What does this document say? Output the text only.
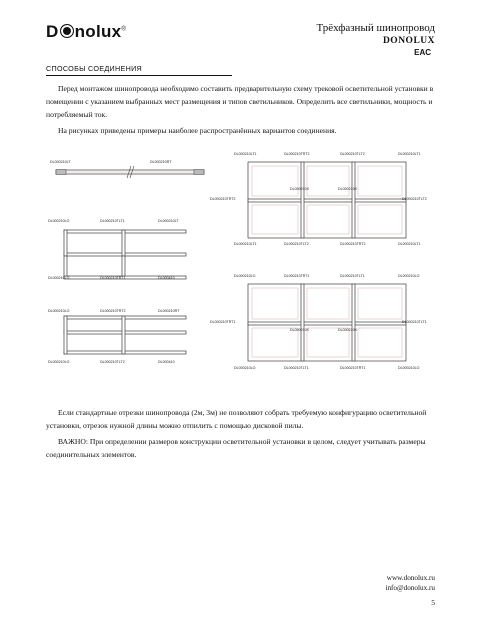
D nolux®	Трёхфазный шинопровод
DONOLUX
EAC
СПОСОБЫ СОЕДИНЕНИЯ
Перед монтажом шинопровода необходимо составить предварительную схему трековой осветительной установки в помещении с указанием выбранных мест размещения и типов светильников. Определить все светильники, мощность и потребляемый ток.
На рисунках приведены примеры наиболее распространённых вариантов соединения.
DL000210LT	DL000210RT
DL000210LO	DL000210TLT1	DL000210LT
DL000210LO	DL000210TRT1	DL000410
DL000210LO	DL000210TRT2	DL000210RT
DL000210LO	DL000210TLT2	DL000410
DL000210LT1	DL000210TRT2	DL000210TLT2	DL000210LT1
DL000210X	DL000210X
DL000210TRT2	DL000210TLT2
DL000210LT1	DL000210TLT2	DL000210TRT2	DL000210LT1
DL000210LO	DL000210TRT1	DL000210TLT1	DL000210LO
DL000210X	DL000210X
DL000210TRT1	DL000210TLT1
DL000210LO	DL000210TLT1	DL000210TRT1	DL000210LO
Если стандартные отрезки шинопровода (2м, 3м) не позволяют собрать требуемую конфигурацию осветительной установки, отрезок нужной длины можно отпилить с помощью дисковой пилы.
ВАЖНО: При определении размеров конструкции осветительной установки в целом, следует учитывать размеры соединительных элементов.
www.donolux.ru
info@donolux.ru
5
